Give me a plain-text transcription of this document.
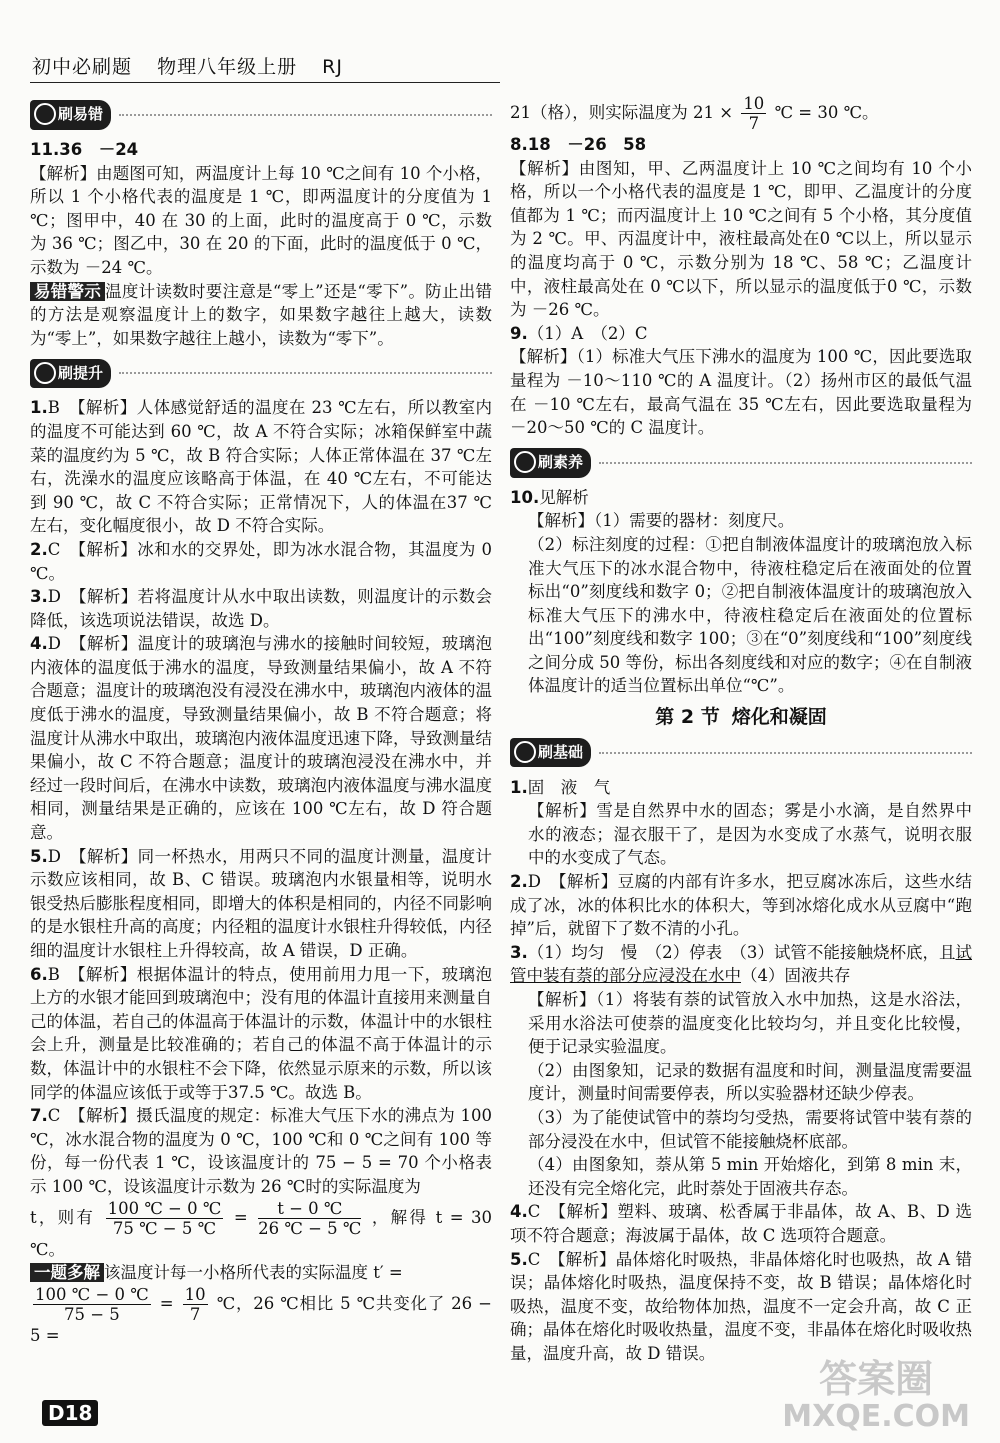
初中必刷题 物理八年级上册 RJ
刷易错

11.36　－24

【解析】由题图可知，两温度计上每 10 ℃之间有 10 个小格，所以 1 个小格代表的温度是 1 ℃，即两温度计的分度值为 1 ℃；图甲中，40 在 30 的上面，此时的温度高于 0 ℃，示数为 36 ℃；图乙中，30 在 20 的下面，此时的温度低于 0 ℃，示数为 －24 ℃。

易错警示 温度计读数时要注意是“零上”还是“零下”。防止出错的方法是观察温度计上的数字，如果数字越往上越大，读数为“零上”，如果数字越往上越小，读数为“零下”。

刷提升

1.B　【解析】人体感觉舒适的温度在 23 ℃左右，所以教室内的温度不可能达到 60 ℃，故 A 不符合实际；冰箱保鲜室中蔬菜的温度约为 5 ℃，故 B 符合实际；人体正常体温在 37 ℃左右，洗澡水的温度应该略高于体温，在 40 ℃左右，不可能达到 90 ℃，故 C 不符合实际；正常情况下，人的体温在37 ℃左右，变化幅度很小，故 D 不符合实际。

2.C　【解析】冰和水的交界处，即为冰水混合物，其温度为 0 ℃。

3.D　【解析】若将温度计从水中取出读数，则温度计的示数会降低，该选项说法错误，故选 D。

4.D　【解析】温度计的玻璃泡与沸水的接触时间较短，玻璃泡内液体的温度低于沸水的温度，导致测量结果偏小，故 A 不符合题意；温度计的玻璃泡没有浸没在沸水中，玻璃泡内液体的温度低于沸水的温度，导致测量结果偏小，故 B 不符合题意；将温度计从沸水中取出，玻璃泡内液体温度迅速下降，导致测量结果偏小，故 C 不符合题意；温度计的玻璃泡浸没在沸水中，并经过一段时间后，在沸水中读数，玻璃泡内液体温度与沸水温度相同，测量结果是正确的，应该在 100 ℃左右，故 D 符合题意。

5.D　【解析】同一杯热水，用两只不同的温度计测量，温度计示数应该相同，故 B、C 错误。玻璃泡内水银量相等，说明水银受热后膨胀程度相同，即增大的体积是相同的，内径不同影响的是水银柱升高的高度；内径粗的温度计水银柱升得较低，内径细的温度计水银柱上升得较高，故 A 错误，D 正确。

6.B　【解析】根据体温计的特点，使用前用力甩一下，玻璃泡上方的水银才能回到玻璃泡中；没有甩的体温计直接用来测量自己的体温，若自己的体温高于体温计的示数，体温计中的水银柱会上升，测量是比较准确的；若自己的体温不高于体温计的示数，体温计中的水银柱不会下降，依然显示原来的示数，所以该同学的体温应该低于或等于37.5 ℃。故选 B。

7.C　【解析】摄氏温度的规定：标准大气压下水的沸点为 100 ℃，冰水混合物的温度为 0 ℃，100 ℃和 0 ℃之间有 100 等份，每一份代表 1 ℃，设该温度计的 75 − 5 = 70 个小格表示 100 ℃，设该温度计示数为 26 ℃时的实际温度为

t，则有 $\frac{100 ℃ - 0 ℃}{75 ℃ - 5 ℃} = \frac{t - 0 ℃}{26 ℃ - 5 ℃}$ ，解得 t = 30 ℃。

一题多解 该温度计每一小格所代表的实际温度 t′ =

$\frac{100 ℃ - 0 ℃}{75 - 5} = \frac{10}{7}$ ℃，26 ℃相比 5 ℃共变化了 26 − 5 =

21（格），则实际温度为 $21 \times \frac{10}{7}$ ℃ = 30 ℃。

8.18　－26　58

【解析】由图知，甲、乙两温度计上 10 ℃之间均有 10 个小格，所以一个小格代表的温度是 1 ℃，即甲、乙温度计的分度值都为 1 ℃；而丙温度计上 10 ℃之间有 5 个小格，其分度值为 2 ℃。甲、丙温度计中，液柱最高处在0 ℃以上，所以显示的温度均高于 0 ℃，示数分别为 18 ℃、58 ℃；乙温度计中，液柱最高处在 0 ℃以下，所以显示的温度低于0 ℃，示数为 －26 ℃。

9.（1）A　（2）C

【解析】（1）标准大气压下沸水的温度为 100 ℃，因此要选取量程为 －10～110 ℃的 A 温度计。（2）扬州市区的最低气温在 －10 ℃左右，最高气温在 35 ℃左右，因此要选取量程为 －20～50 ℃的 C 温度计。

刷素养

10.见解析

【解析】（1）需要的器材：刻度尺。

（2）标注刻度的过程：①把自制液体温度计的玻璃泡放入标准大气压下的冰水混合物中，待液柱稳定后在液面处的位置标出“0”刻度线和数字 0；②把自制液体温度计的玻璃泡放入标准大气压下的沸水中，待液柱稳定后在液面处的位置标出“100”刻度线和数字 100；③在“0”刻度线和“100”刻度线之间分成 50 等份，标出各刻度线和对应的数字；④在自制液体温度计的适当位置标出单位“℃”。

第 2 节 熔化和凝固
刷基础

1.固　液　气

【解析】雪是自然界中水的固态；雾是小水滴，是自然界中水的液态；湿衣服干了，是因为水变成了水蒸气，说明衣服中的水变成了气态。

2.D　【解析】豆腐的内部有许多水，把豆腐冰冻后，这些水结成了冰，冰的体积比水的体积大，等到冰熔化成水从豆腐中“跑掉”后，就留下了数不清的小孔。

3.（1）均匀　慢　（2）停表　（3）试管不能接触烧杯底，且试管中装有萘的部分应浸没在水中（4）固液共存

【解析】（1）将装有萘的试管放入水中加热，这是水浴法，采用水浴法可使萘的温度变化比较均匀，并且变化比较慢，便于记录实验温度。

（2）由图象知，记录的数据有温度和时间，测量温度需要温度计，测量时间需要停表，所以实验器材还缺少停表。

（3）为了能使试管中的萘均匀受热，需要将试管中装有萘的部分浸没在水中，但试管不能接触烧杯底部。

（4）由图象知，萘从第 5 min 开始熔化，到第 8 min 末，还没有完全熔化完，此时萘处于固液共存态。

4.C　【解析】塑料、玻璃、松香属于非晶体，故 A、B、D 选项不符合题意；海波属于晶体，故 C 选项符合题意。

5.C　【解析】晶体熔化时吸热，非晶体熔化时也吸热，故 A 错误；晶体熔化时吸热，温度保持不变，故 B 错误；晶体熔化时吸热，温度不变，故给物体加热，温度不一定会升高，故 C 正确；晶体在熔化时吸收热量，温度不变，非晶体在熔化时吸收热量，温度升高，故 D 错误。

D18
答案圈
MXQE.COM
